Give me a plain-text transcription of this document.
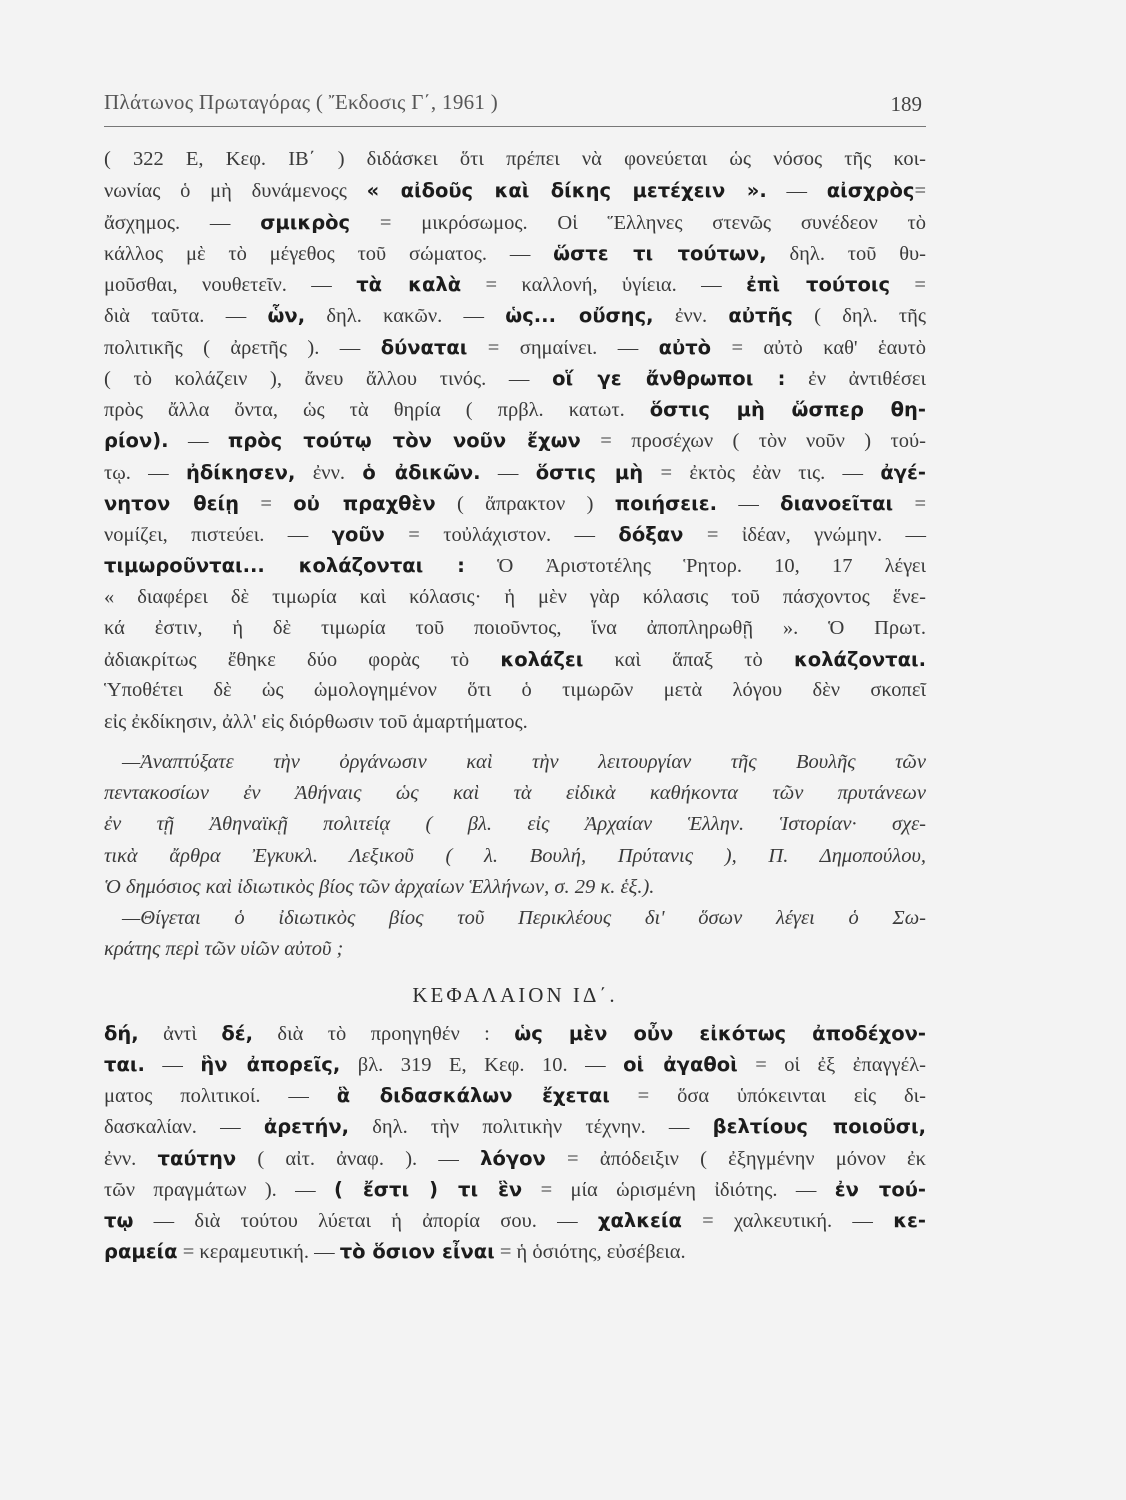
Πλάτωνος Πρωταγόρας ( Ἔκδοσις Γ΄, 1961 )	189
( 322 Ε, Κεφ. ΙΒ΄ ) διδάσκει ὅτι πρέπει νὰ φονεύεται ὡς νόσος τῆς κοι-
νωνίας ὁ μὴ δυνάμενοςς « αἰδοῦς καὶ δίκης μετέχειν ». — αἰσχρὸς=
ἄσχημος. — σμικρὸς = μικρόσωμος. Οἱ Ἕλληνες στενῶς συνέδεον τὸ
κάλλος μὲ τὸ μέγεθος τοῦ σώματος. — ὥστε τι τούτων, δηλ. τοῦ θυ-
μοῦσθαι, νουθετεῖν. — τὰ καλὰ = καλλονή, ὑγίεια. — ἐπὶ τούτοις =
διὰ ταῦτα. — ὧν, δηλ. κακῶν. — ὡς... οὔσης, ἐνν. αὐτῆς ( δηλ. τῆς
πολιτικῆς ( ἀρετῆς ). — δύναται = σημαίνει. — αὐτὸ = αὐτὸ καθ' ἑαυτὸ
( τὸ κολάζειν ), ἄνευ ἄλλου τινός. — οἵ γε ἄνθρωποι : ἐν ἀντιθέσει
πρὸς ἄλλα ὄντα, ὡς τὰ θηρία ( πρβλ. κατωτ. ὅστις μὴ ὥσπερ θη-
ρίον). — πρὸς τούτῳ τὸν νοῦν ἔχων = προσέχων ( τὸν νοῦν ) τού-
τῳ. — ἠδίκησεν, ἐνν. ὁ ἀδικῶν. — ὅστις μὴ = ἐκτὸς ἐὰν τις. — ἀγέ-
νητον θείῃ = οὐ πραχθὲν ( ἄπρακτον ) ποιήσειε. — διανοεῖται =
νομίζει, πιστεύει. — γοῦν = τοὐλάχιστον. — δόξαν = ἰδέαν, γνώμην. —
τιμωροῦνται... κολάζονται : Ὁ Ἀριστοτέλης Ῥητορ. 10, 17 λέγει
« διαφέρει δὲ τιμωρία καὶ κόλασις· ἡ μὲν γὰρ κόλασις τοῦ πάσχοντος ἕνε-
κά ἐστιν, ἡ δὲ τιμωρία τοῦ ποιοῦντος, ἵνα ἀποπληρωθῇ ». Ὁ Πρωτ.
ἀδιακρίτως ἔθηκε δύο φορὰς τὸ κολάζει καὶ ἅπαξ τὸ κολάζονται.
Ὑποθέτει δὲ ὡς ὡμολογημένον ὅτι ὁ τιμωρῶν μετὰ λόγου δὲν σκοπεῖ
εἰς ἐκδίκησιν, ἀλλ' εἰς διόρθωσιν τοῦ ἁμαρτήματος.
—Ἀναπτύξατε τὴν ὀργάνωσιν καὶ τὴν λειτουργίαν τῆς Βουλῆς τῶν
πεντακοσίων ἐν Ἀθήναις ὡς καὶ τὰ εἰδικὰ καθήκοντα τῶν πρυτάνεων
ἐν τῇ Ἀθηναϊκῇ πολιτείᾳ ( βλ. εἰς Ἀρχαίαν Ἑλλην. Ἱστορίαν· σχε-
τικὰ ἄρθρα Ἐγκυκλ. Λεξικοῦ ( λ. Βουλή, Πρύτανις ), Π. Δημοπούλου,
Ὁ δημόσιος καὶ ἰδιωτικὸς βίος τῶν ἀρχαίων Ἑλλήνων, σ. 29 κ. ἑξ.).
—Θίγεται ὁ ἰδιωτικὸς βίος τοῦ Περικλέους δι' ὅσων λέγει ὁ Σω-
κράτης περὶ τῶν υἱῶν αὐτοῦ ;
ΚΕΦΑΛΑΙΟΝ ΙΔ΄.
δή, ἀντὶ δέ, διὰ τὸ προηγηθέν : ὡς μὲν οὖν εἰκότως ἀποδέχον-
ται. — ἣν ἀπορεῖς, βλ. 319 Ε, Κεφ. 10. — οἱ ἀγαθοὶ = οἱ ἐξ ἐπαγγέλ-
ματος πολιτικοί. — ἃ διδασκάλων ἔχεται = ὅσα ὑπόκεινται εἰς δι-
δασκαλίαν. — ἀρετήν, δηλ. τὴν πολιτικὴν τέχνην. — βελτίους ποιοῦσι,
ἐνν. ταύτην ( αἰτ. ἀναφ. ). — λόγον = ἀπόδειξιν ( ἐξηγμένην μόνον ἐκ
τῶν πραγμάτων ). — ( ἔστι ) τι ἓν = μία ὡρισμένη ἰδιότης. — ἐν τού-
τῳ — διὰ τούτου λύεται ἡ ἀπορία σου. — χαλκεία = χαλκευτική. — κε-
ραμεία = κεραμευτική. — τὸ ὅσιον εἶναι = ἡ ὁσιότης, εὐσέβεια.
